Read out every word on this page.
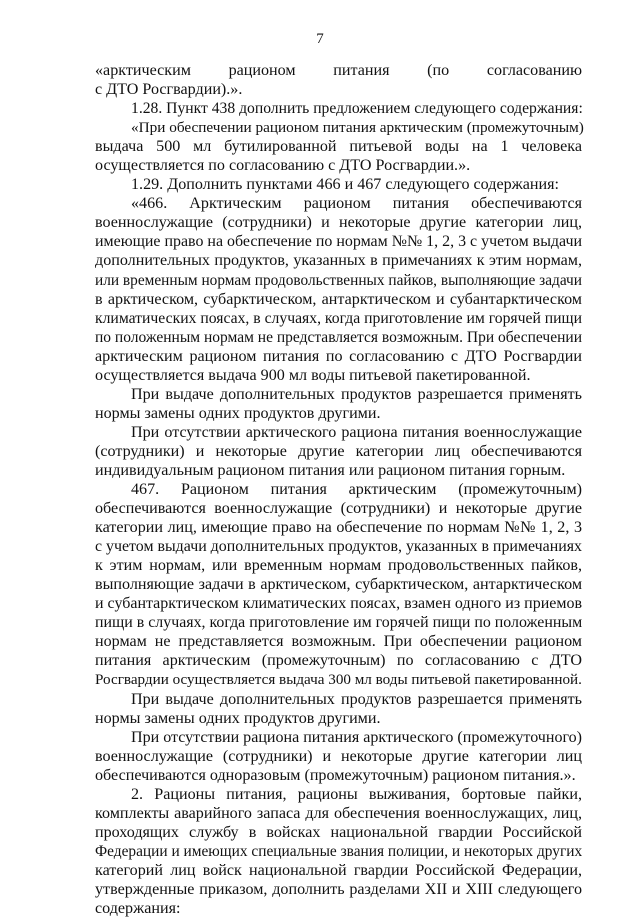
7
«арктическим рационом питания (по согласованию
с ДТО Росгвардии).».
1.28. Пункт 438 дополнить предложением следующего содержания:
«При обеспечении рационом питания арктическим (промежуточным)
выдача 500 мл бутилированной питьевой воды на 1 человека
осуществляется по согласованию с ДТО Росгвардии.».
1.29. Дополнить пунктами 466 и 467 следующего содержания:
«466. Арктическим рационом питания обеспечиваются
военнослужащие (сотрудники) и некоторые другие категории лиц,
имеющие право на обеспечение по нормам №№ 1, 2, 3 с учетом выдачи
дополнительных продуктов, указанных в примечаниях к этим нормам,
или временным нормам продовольственных пайков, выполняющие задачи
в арктическом, субарктическом, антарктическом и субантарктическом
климатических поясах, в случаях, когда приготовление им горячей пищи
по положенным нормам не представляется возможным. При обеспечении
арктическим рационом питания по согласованию с ДТО Росгвардии
осуществляется выдача 900 мл воды питьевой пакетированной.
При выдаче дополнительных продуктов разрешается применять
нормы замены одних продуктов другими.
При отсутствии арктического рациона питания военнослужащие
(сотрудники) и некоторые другие категории лиц обеспечиваются
индивидуальным рационом питания или рационом питания горным.
467. Рационом питания арктическим (промежуточным)
обеспечиваются военнослужащие (сотрудники) и некоторые другие
категории лиц, имеющие право на обеспечение по нормам №№ 1, 2, 3
с учетом выдачи дополнительных продуктов, указанных в примечаниях
к этим нормам, или временным нормам продовольственных пайков,
выполняющие задачи в арктическом, субарктическом, антарктическом
и субантарктическом климатических поясах, взамен одного из приемов
пищи в случаях, когда приготовление им горячей пищи по положенным
нормам не представляется возможным. При обеспечении рационом
питания арктическим (промежуточным) по согласованию с ДТО
Росгвардии осуществляется выдача 300 мл воды питьевой пакетированной.
При выдаче дополнительных продуктов разрешается применять
нормы замены одних продуктов другими.
При отсутствии рациона питания арктического (промежуточного)
военнослужащие (сотрудники) и некоторые другие категории лиц
обеспечиваются одноразовым (промежуточным) рационом питания.».
2. Рационы питания, рационы выживания, бортовые пайки,
комплекты аварийного запаса для обеспечения военнослужащих, лиц,
проходящих службу в войсках национальной гвардии Российской
Федерации и имеющих специальные звания полиции, и некоторых других
категорий лиц войск национальной гвардии Российской Федерации,
утвержденные приказом, дополнить разделами XII и XIII следующего
содержания:
